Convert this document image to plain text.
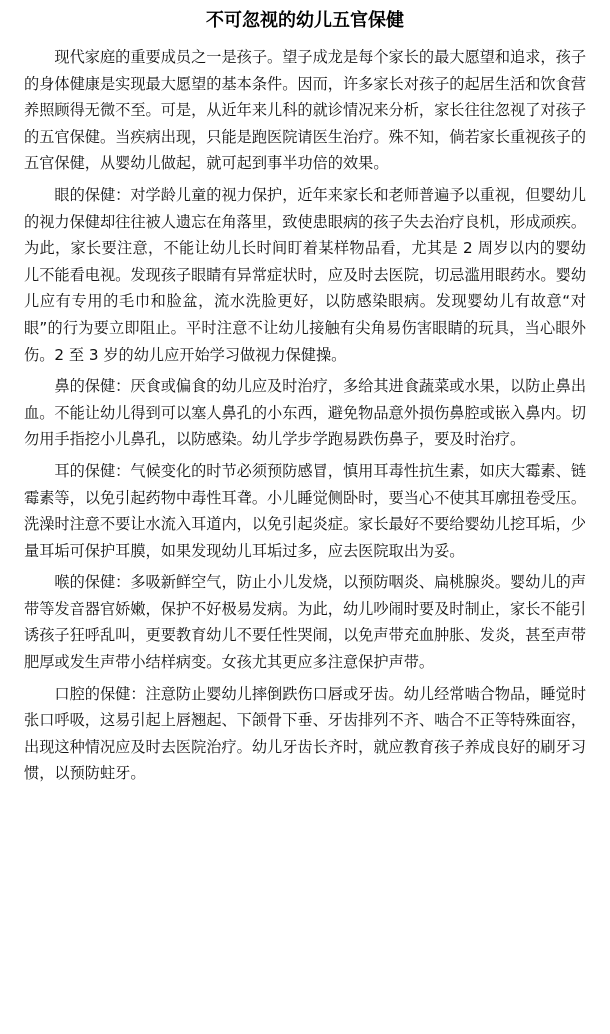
不可忽视的幼儿五官保健

现代家庭的重要成员之一是孩子。望子成龙是每个家长的最大愿望和追求，孩子的身体健康是实现最大愿望的基本条件。因而，许多家长对孩子的起居生活和饮食营养照顾得无微不至。可是，从近年来儿科的就诊情况来分析，家长往往忽视了对孩子的五官保健。当疾病出现，只能是跑医院请医生治疗。殊不知，倘若家长重视孩子的五官保健，从婴幼儿做起，就可起到事半功倍的效果。

眼的保健：对学龄儿童的视力保护，近年来家长和老师普遍予以重视，但婴幼儿的视力保健却往往被人遗忘在角落里，致使患眼病的孩子失去治疗良机，形成顽疾。为此，家长要注意，不能让幼儿长时间盯着某样物品看，尤其是 2 周岁以内的婴幼儿不能看电视。发现孩子眼睛有异常症状时，应及时去医院，切忌滥用眼药水。婴幼儿应有专用的毛巾和脸盆，流水洗脸更好，以防感染眼病。发现婴幼儿有故意“对眼”的行为要立即阻止。平时注意不让幼儿接触有尖角易伤害眼睛的玩具，当心眼外伤。2 至 3 岁的幼儿应开始学习做视力保健操。

鼻的保健：厌食或偏食的幼儿应及时治疗，多给其进食蔬菜或水果，以防止鼻出血。不能让幼儿得到可以塞人鼻孔的小东西，避免物品意外损伤鼻腔或嵌入鼻内。切勿用手指挖小儿鼻孔，以防感染。幼儿学步学跑易跌伤鼻子，要及时治疗。

耳的保健：气候变化的时节必须预防感冒，慎用耳毒性抗生素，如庆大霉素、链霉素等，以免引起药物中毒性耳聋。小儿睡觉侧卧时，要当心不使其耳廓扭卷受压。洗澡时注意不要让水流入耳道内，以免引起炎症。家长最好不要给婴幼儿挖耳垢，少量耳垢可保护耳膜，如果发现幼儿耳垢过多，应去医院取出为妥。

喉的保健：多吸新鲜空气，防止小儿发烧，以预防咽炎、扁桃腺炎。婴幼儿的声带等发音器官娇嫩，保护不好极易发病。为此，幼儿吵闹时要及时制止，家长不能引诱孩子狂呼乱叫，更要教育幼儿不要任性哭闹，以免声带充血肿胀、发炎，甚至声带肥厚或发生声带小结样病变。女孩尤其更应多注意保护声带。

口腔的保健：注意防止婴幼儿摔倒跌伤口唇或牙齿。幼儿经常啮合物品，睡觉时张口呼吸，这易引起上唇翘起、下颌骨下垂、牙齿排列不齐、啮合不正等特殊面容，出现这种情况应及时去医院治疗。幼儿牙齿长齐时，就应教育孩子养成良好的刷牙习惯，以预防蛀牙。
